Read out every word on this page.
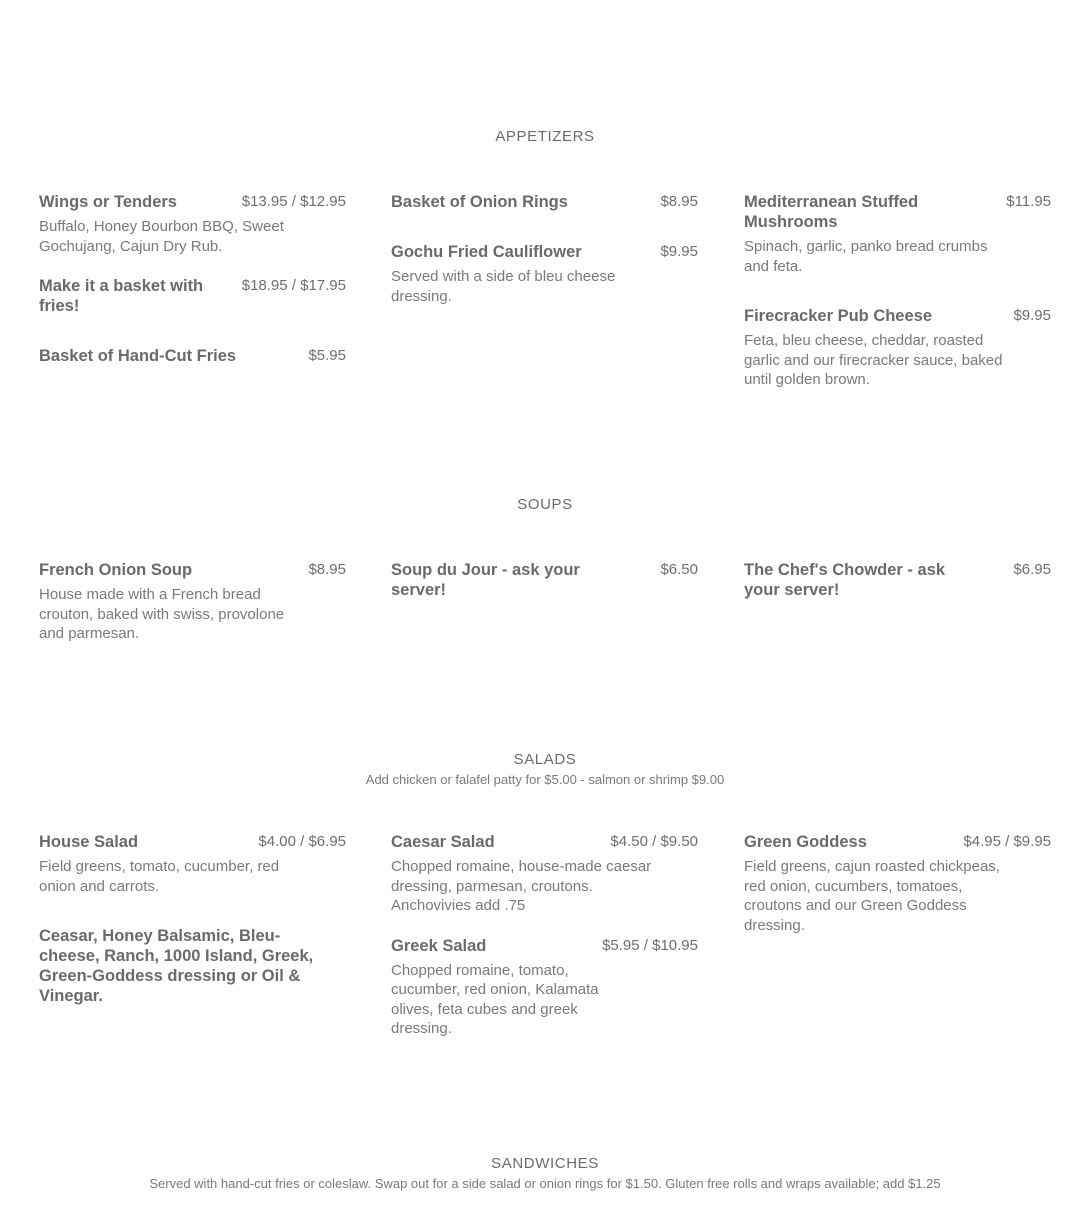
APPETIZERS
Wings or Tenders	$13.95 / $12.95
Buffalo, Honey Bourbon BBQ, Sweet Gochujang, Cajun Dry Rub.
Make it a basket with fries!
$18.95 / $17.95
Basket of Hand-Cut Fries	$5.95
Basket of Onion Rings	$8.95
Gochu Fried Cauliflower	$9.95
Served with a side of bleu cheese dressing.
Mediterranean Stuffed Mushrooms
$11.95
Spinach, garlic, panko bread crumbs and feta.
Firecracker Pub Cheese	$9.95
Feta, bleu cheese, cheddar, roasted garlic and our firecracker sauce, baked until golden brown.
SOUPS
French Onion Soup	$8.95
House made with a French bread crouton, baked with swiss, provolone and parmesan.
Soup du Jour - ask your server!
$6.50	The Chef's Chowder - ask your server!
$6.95
SALADS

Add chicken or falafel patty for $5.00 - salmon or shrimp $9.00

House Salad	$4.00 / $6.95
Field greens, tomato, cucumber, red onion and carrots.
Ceasar, Honey Balsamic, Bleu-cheese, Ranch, 1000 Island, Greek, Green-Goddess dressing or Oil & Vinegar.
Caesar Salad	$4.50 / $9.50
Chopped romaine, house-made caesar dressing, parmesan, croutons. Anchovivies add .75
Greek Salad	$5.95 / $10.95
Chopped romaine, tomato, cucumber, red onion, Kalamata olives, feta cubes and greek dressing.
Green Goddess	$4.95 / $9.95
Field greens, cajun roasted chickpeas, red onion, cucumbers, tomatoes, croutons and our Green Goddess dressing.
SANDWICHES

Served with hand-cut fries or coleslaw. Swap out for a side salad or onion rings for $1.50. Gluten free rolls and wraps available; add $1.25
